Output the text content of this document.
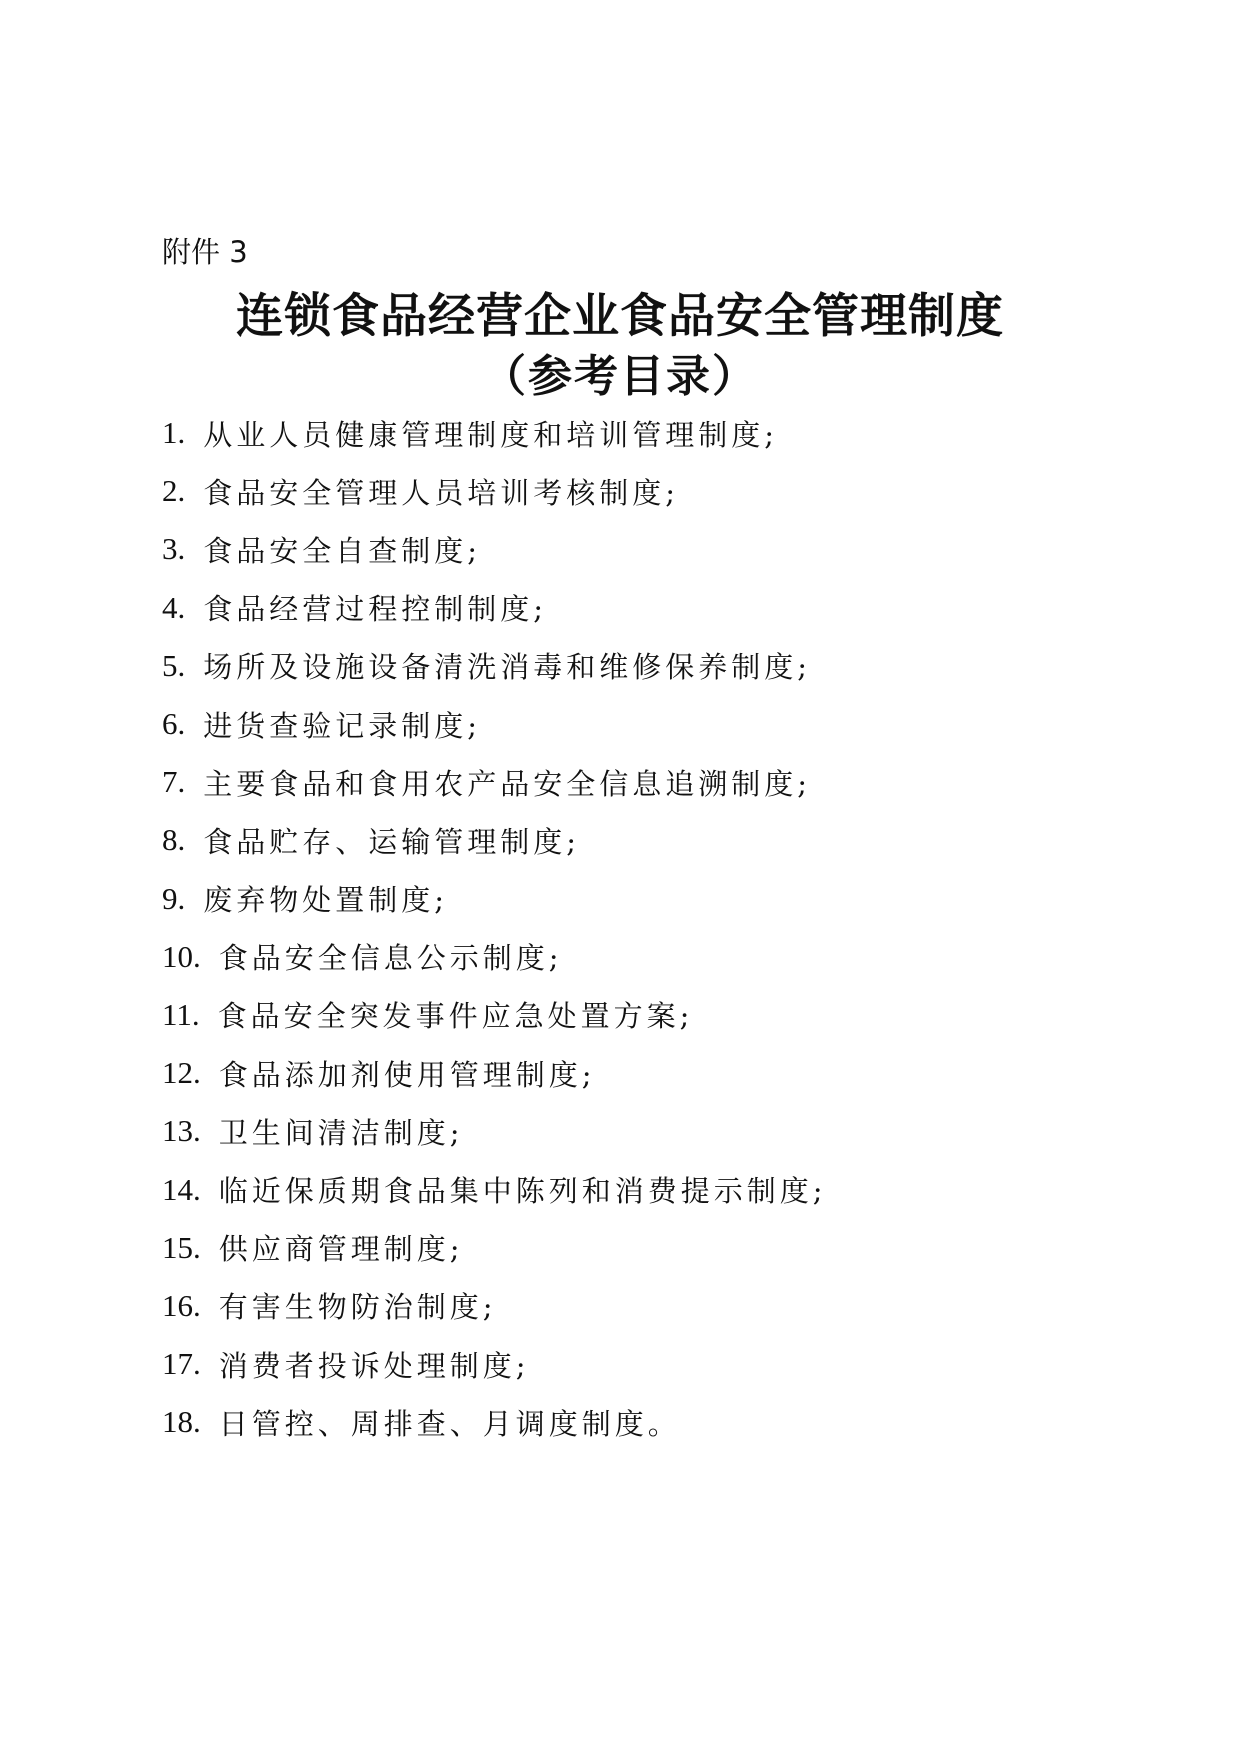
附件 3
连锁食品经营企业食品安全管理制度
（参考目录）
1. 从业人员健康管理制度和培训管理制度;
2. 食品安全管理人员培训考核制度;
3. 食品安全自查制度;
4. 食品经营过程控制制度;
5. 场所及设施设备清洗消毒和维修保养制度;
6. 进货查验记录制度;
7. 主要食品和食用农产品安全信息追溯制度;
8. 食品贮存、运输管理制度;
9. 废弃物处置制度;
10. 食品安全信息公示制度;
11. 食品安全突发事件应急处置方案;
12. 食品添加剂使用管理制度;
13. 卫生间清洁制度;
14. 临近保质期食品集中陈列和消费提示制度;
15. 供应商管理制度;
16. 有害生物防治制度;
17. 消费者投诉处理制度;
18. 日管控、周排查、月调度制度。
